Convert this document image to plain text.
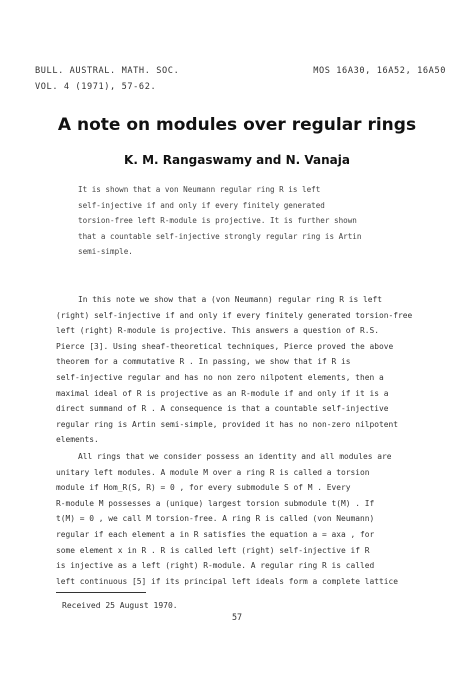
BULL. AUSTRAL. MATH. SOC.
VOL. 4 (1971), 57-62.
MOS 16A30, 16A52, 16A50
A note on modules over regular rings
K. M. Rangaswamy and N. Vanaja
It is shown that a von Neumann regular ring R is left
self-injective if and only if every finitely generated
torsion-free left R-module is projective. It is further shown
that a countable self-injective strongly regular ring is Artin
semi-simple.
In this note we show that a (von Neumann) regular ring R is left
(right) self-injective if and only if every finitely generated torsion-free
left (right) R-module is projective. This answers a question of R.S.
Pierce [3]. Using sheaf-theoretical techniques, Pierce proved the above
theorem for a commutative R . In passing, we show that if R is
self-injective regular and has no non zero nilpotent elements, then a
maximal ideal of R is projective as an R-module if and only if it is a
direct summand of R . A consequence is that a countable self-injective
regular ring is Artin semi-simple, provided it has no non-zero nilpotent
elements.
All rings that we consider possess an identity and all modules are
unitary left modules. A module M over a ring R is called a torsion
module if Hom_R(S, R) = 0 , for every submodule S of M . Every
R-module M possesses a (unique) largest torsion submodule t(M) . If
t(M) = 0 , we call M torsion-free. A ring R is called (von Neumann)
regular if each element a in R satisfies the equation a = axa , for
some element x in R . R is called left (right) self-injective if R
is injective as a left (right) R-module. A regular ring R is called
left continuous [5] if its principal left ideals form a complete lattice
Received 25 August 1970.
57
